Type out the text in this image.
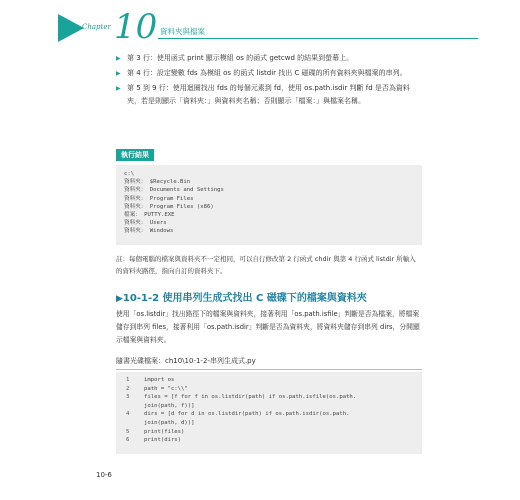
Chapter 10 資料夾與檔案
▶ 第 3 行：使用函式 print 顯示模組 os 的函式 getcwd 的結果到螢幕上。
▶ 第 4 行：設定變數 fds 為模組 os 的函式 listdir 找出 C 磁碟的所有資料夾與檔案的串列。
▶ 第 5 到 9 行：使用迴圈找出 fds 的每個元素到 fd，使用 os.path.isdir 判斷 fd 是否為資料夾，若是則顯示「資料夾：」與資料夾名稱；否則顯示「檔案：」與檔案名稱。
執行結果
c:\
資料夾： $Recycle.Bin
資料夾： Documents and Settings
資料夾： Program Files
資料夾： Program Files (x86)
檔案： PUTTY.EXE
資料夾： Users
資料夾： Windows
註：每個電腦的檔案與資料夾不一定相同，可以自行修改第 2 行函式 chdir 與第 4 行函式 listdir 所輸入的資料夾路徑，指向自訂的資料夾下。
▶10-1-2 使用串列生成式找出 C 磁碟下的檔案與資料夾
使用「os.listdir」找出路徑下的檔案與資料夾，接著利用「os.path.isfile」判斷是否為檔案，將檔案儲存到串列 files，接著利用「os.path.isdir」判斷是否為資料夾，將資料夾儲存到串列 dirs，分開顯示檔案與資料夾。
隨書光碟檔案：ch10\10-1-2-串列生成式.py
1	import os
2	path = "c:\\"
3	files = [f for f in os.listdir(path) if os.path.isfile(os.path.
join(path, f))]
4	dirs = [d for d in os.listdir(path) if os.path.isdir(os.path.
join(path, d))]
5	print(files)
6	print(dirs)
10-6
